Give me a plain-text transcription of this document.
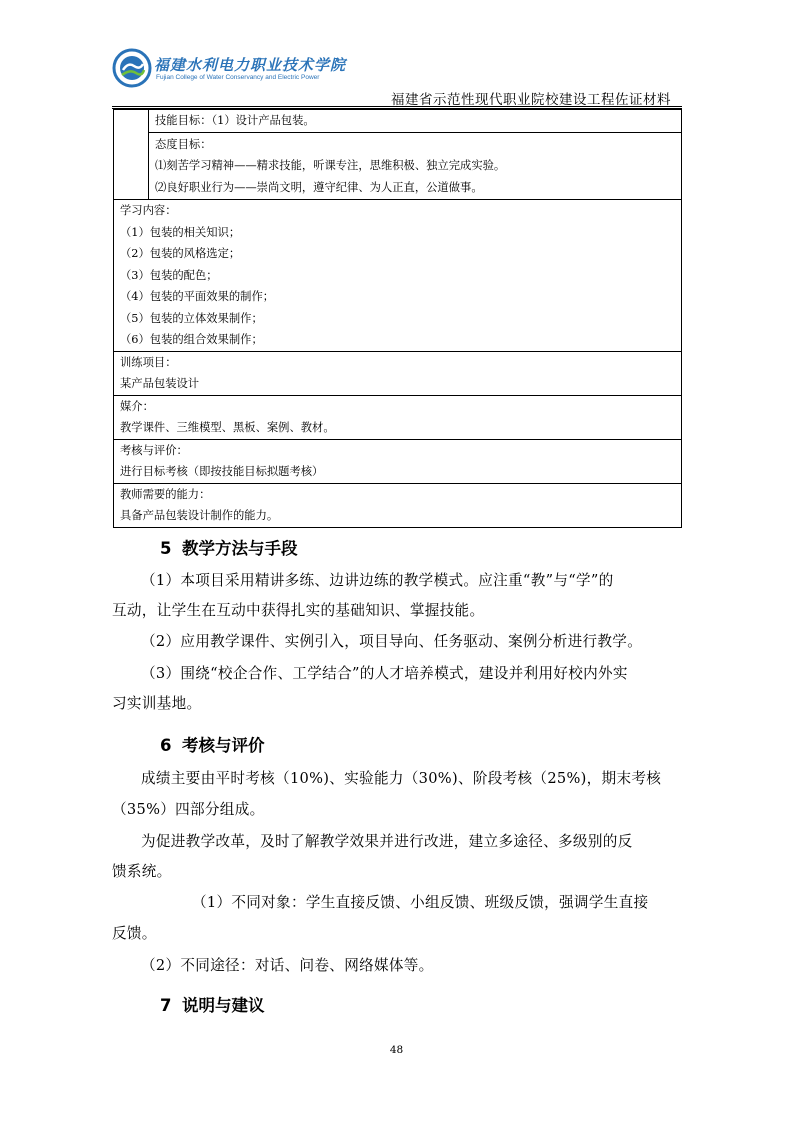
福建水利电力职业技术学院
Fujian College of Water Conservancy and Electric Power
福建省示范性现代职业院校建设工程佐证材料

技能目标：（1）设计产品包装。

态度目标：
⑴刻苦学习精神——精求技能，听课专注，思维积极、独立完成实验。
⑵良好职业行为——崇尚文明，遵守纪律、为人正直，公道做事。

学习内容：
（1）包装的相关知识；
（2）包装的风格选定；
（3）包装的配色；
（4）包装的平面效果的制作；
（5）包装的立体效果制作；
（6）包装的组合效果制作；

训练项目：
某产品包装设计

媒介：
教学课件、三维模型、黑板、案例、教材。

考核与评价：
进行目标考核（即按技能目标拟题考核）

教师需要的能力：
具备产品包装设计制作的能力。
5 教学方法与手段
（1）本项目采用精讲多练、边讲边练的教学模式。应注重“教”与“学”的
互动，让学生在互动中获得扎实的基础知识、掌握技能。
（2）应用教学课件、实例引入，项目导向、任务驱动、案例分析进行教学。
（3）围绕“校企合作、工学结合”的人才培养模式，建设并利用好校内外实
习实训基地。
6 考核与评价
成绩主要由平时考核（10%)、实验能力（30%)、阶段考核（25%)，期末考核
（35%）四部分组成。
为促进教学改革，及时了解教学效果并进行改进，建立多途径、多级别的反
馈系统。
（1）不同对象：学生直接反馈、小组反馈、班级反馈，强调学生直接
反馈。
（2）不同途径：对话、问卷、网络媒体等。
7 说明与建议
48
